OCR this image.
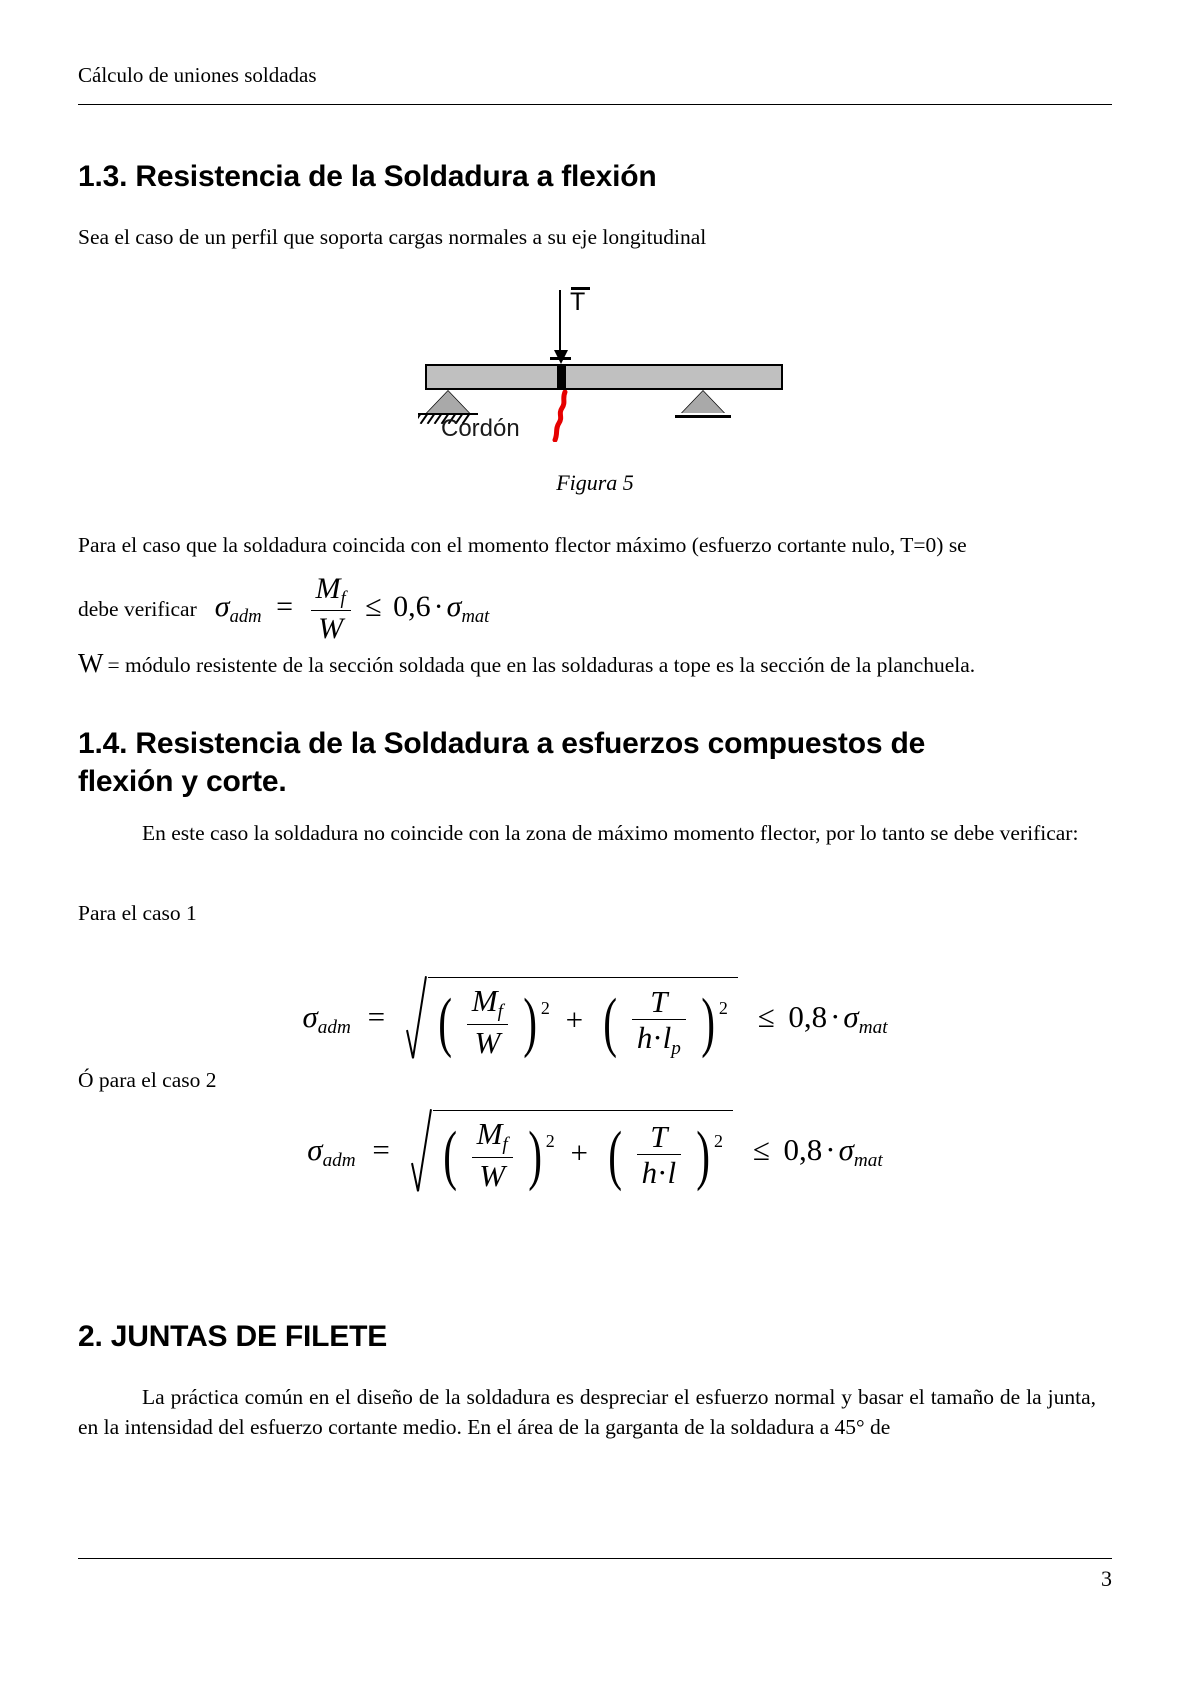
Cálculo de uniones soldadas
1.3. Resistencia de la Soldadura a flexión

Sea el caso de un perfil que soporta cargas normales a su eje longitudinal

T
Cordón
Figura 5

Para el caso que la soldadura coincida con el momento flector máximo (esfuerzo cortante nulo, T=0) se

debe verificar $\sigma_{adm} = \frac{M_f}{W} \le 0,6 \cdot \sigma_{mat}$
W = módulo resistente de la sección soldada que en las soldaduras a tope es la sección de la planchuela.
1.4. Resistencia de la Soldadura a esfuerzos compuestos de
flexión y corte.

En este caso la soldadura no coincide con la zona de máximo momento flector, por lo tanto se debe verificar:

Para el caso 1

$\sigma_{adm}$ = ( $\frac{M_f}{W}$ ) $^2$ + ( $\frac{T}{h\cdot l_p}$ ) $^2 \le 0,8\cdot\sigma_{mat}$

Ó para el caso 2

$\sigma_{adm}$ = ( $\frac{M_f}{W}$ ) $^2$ + ( $\frac{T}{h\cdot l}$ ) $^2 \le 0,8\cdot\sigma_{mat}$
2. JUNTAS DE FILETE

La práctica común en el diseño de la soldadura es despreciar el esfuerzo normal y basar el tamaño de la junta, en la intensidad del esfuerzo cortante medio. En el área de la garganta de la soldadura a 45° de

3
